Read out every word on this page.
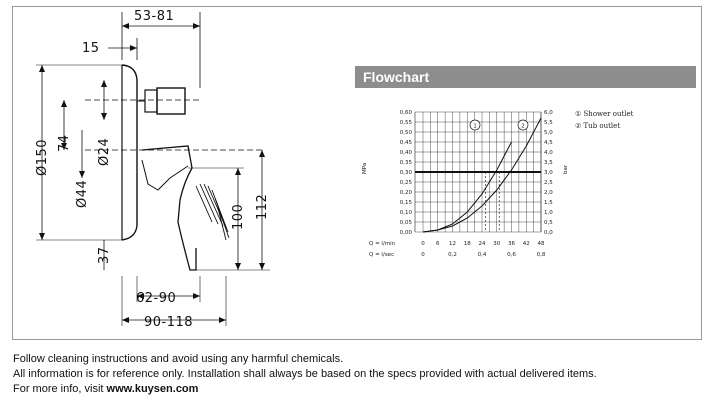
53-81
15
Ø150 74 Ø24
Ø44
37
100 112
62-90
90-118
Flowchart
0,60	6,0
0,55	5,5
0,50	5,0
0,45	4,5
0,40	4,0
0,35	3,5
0,30	3,0
0,25	2,5
0,20	2,0
0,15	1,5
0,10	1,0
0,05	0,5
0,00	0,0
0 6 12 18 24 30 36 42 48
0	0,2	0,4	0,6	0,8
1	2
MPa	bar
Q = l/min
Q = l/sec
① Shower outlet
② Tub outlet
Follow cleaning instructions and avoid using any harmful chemicals.
All information is for reference only. Installation shall always be based on the specs provided with actual delivered items.
For more info, visit www.kuysen.com
